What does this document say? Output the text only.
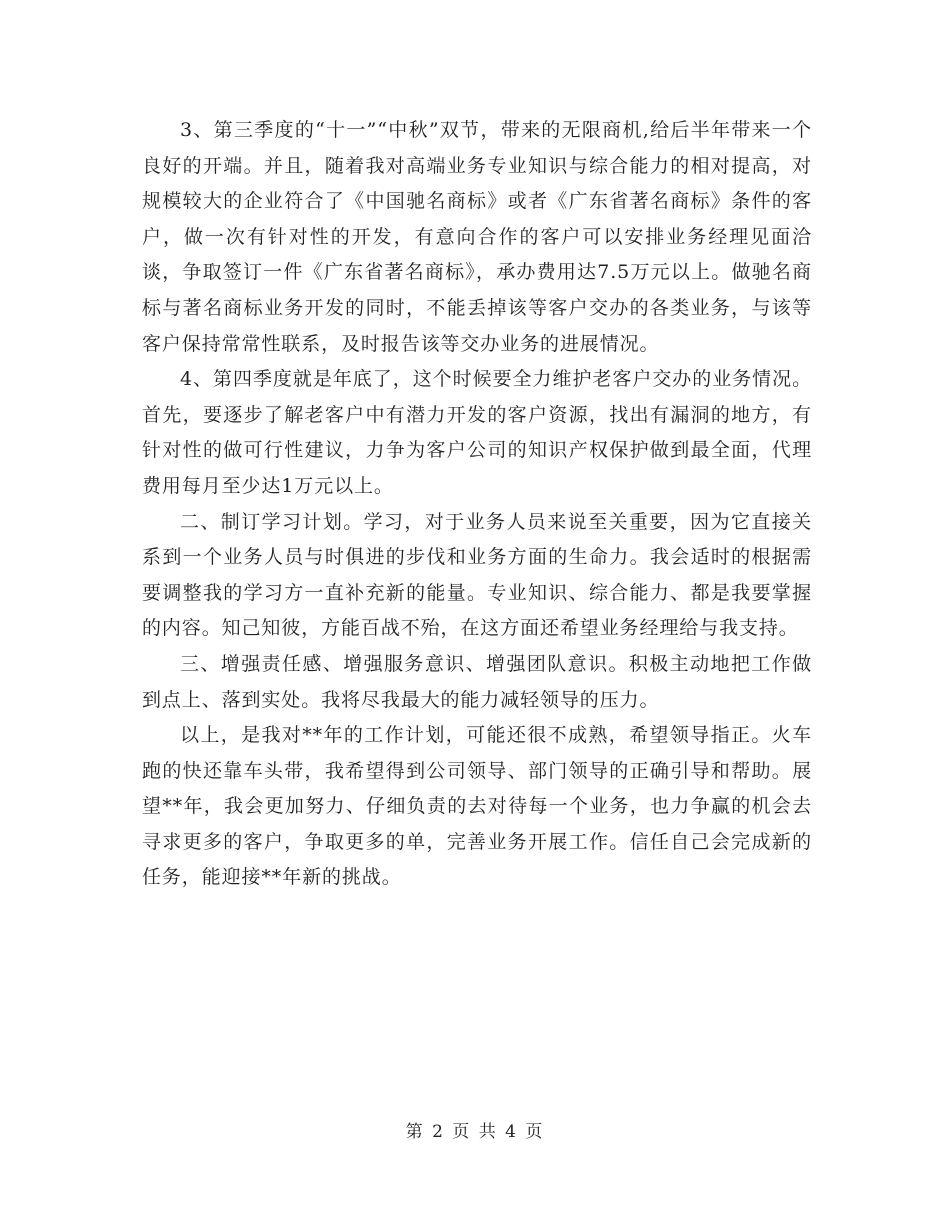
3、第三季度的“十一”“中秋”双节，带来的无限商机,给后半年带来一个良好的开端。并且，随着我对高端业务专业知识与综合能力的相对提高，对规模较大的企业符合了《中国驰名商标》或者《广东省著名商标》条件的客户，做一次有针对性的开发，有意向合作的客户可以安排业务经理见面洽谈，争取签订一件《广东省著名商标》，承办费用达7.5万元以上。做驰名商标与著名商标业务开发的同时，不能丢掉该等客户交办的各类业务，与该等客户保持常常性联系，及时报告该等交办业务的进展情况。

4、第四季度就是年底了，这个时候要全力维护老客户交办的业务情况。首先，要逐步了解老客户中有潜力开发的客户资源，找出有漏洞的地方，有针对性的做可行性建议，力争为客户公司的知识产权保护做到最全面，代理费用每月至少达1万元以上。

二、制订学习计划。学习，对于业务人员来说至关重要，因为它直接关系到一个业务人员与时俱进的步伐和业务方面的生命力。我会适时的根据需要调整我的学习方一直补充新的能量。专业知识、综合能力、都是我要掌握的内容。知己知彼，方能百战不殆，在这方面还希望业务经理给与我支持。

三、增强责任感、增强服务意识、增强团队意识。积极主动地把工作做到点上、落到实处。我将尽我最大的能力减轻领导的压力。

以上，是我对**年的工作计划，可能还很不成熟，希望领导指正。火车跑的快还靠车头带，我希望得到公司领导、部门领导的正确引导和帮助。展望**年，我会更加努力、仔细负责的去对待每一个业务，也力争赢的机会去寻求更多的客户，争取更多的单，完善业务开展工作。信任自己会完成新的任务，能迎接**年新的挑战。

第 2 页 共 4 页
